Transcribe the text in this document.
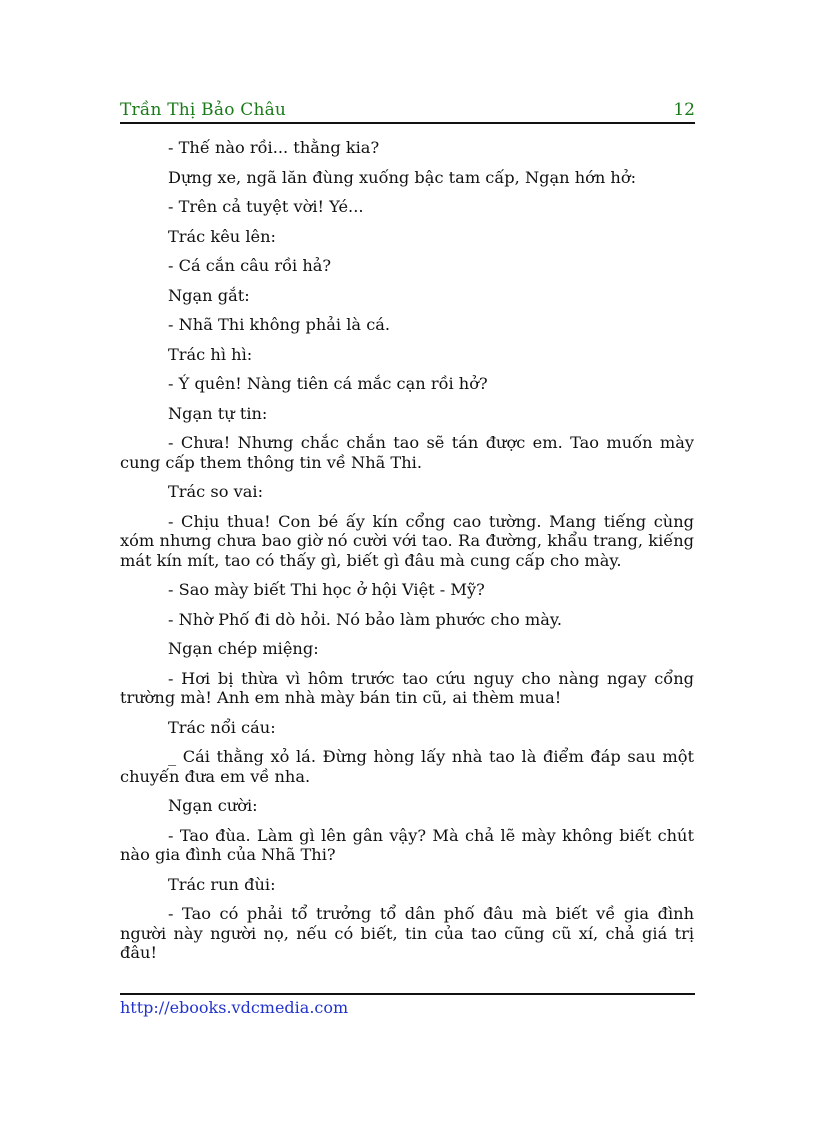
Trần Thị Bảo Châu	12

- Thế nào rồi... thằng kia?

Dựng xe, ngã lăn đùng xuống bậc tam cấp, Ngạn hớn hở:

- Trên cả tuyệt vời! Yé...

Trác kêu lên:

- Cá cắn câu rồi hả?

Ngạn gắt:

- Nhã Thi không phải là cá.

Trác hì hì:

- Ý quên! Nàng tiên cá mắc cạn rồi hở?

Ngạn tự tin:

- Chưa! Nhưng chắc chắn tao sẽ tán được em. Tao muốn mày cung cấp them thông tin về Nhã Thi.

Trác so vai:

- Chịu thua! Con bé ấy kín cổng cao tường. Mang tiếng cùng xóm nhưng chưa bao giờ nó cười với tao. Ra đường, khẩu trang, kiếng mát kín mít, tao có thấy gì, biết gì đâu mà cung cấp cho mày.

- Sao mày biết Thi học ở hội Việt - Mỹ?

- Nhờ Phố đi dò hỏi. Nó bảo làm phước cho mày.

Ngạn chép miệng:

- Hơi bị thừa vì hôm trước tao cứu nguy cho nàng ngay cổng trường mà! Anh em nhà mày bán tin cũ, ai thèm mua!

Trác nổi cáu:

_ Cái thằng xỏ lá. Đừng hòng lấy nhà tao là điểm đáp sau một chuyến đưa em về nha.

Ngạn cười:

- Tao đùa. Làm gì lên gân vậy? Mà chả lẽ mày không biết chút nào gia đình của Nhã Thi?

Trác run đùi:

- Tao có phải tổ trưởng tổ dân phố đâu mà biết về gia đình người này người nọ, nếu có biết, tin của tao cũng cũ xí, chả giá trị đâu!

http://ebooks.vdcmedia.com
